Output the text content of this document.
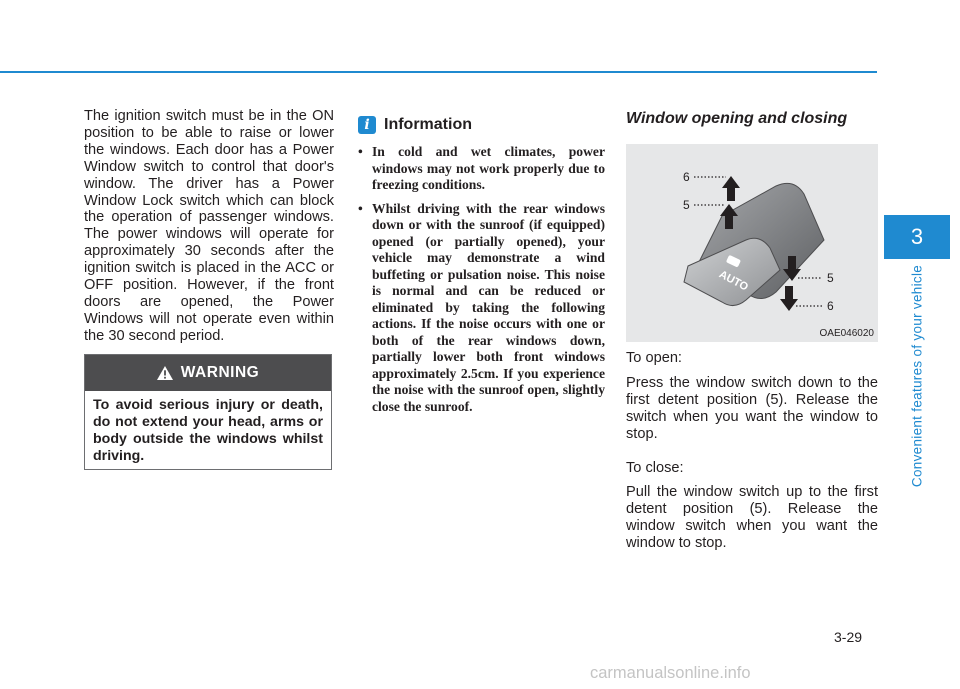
The ignition switch must be in the ON position to be able to raise or lower the windows. Each door has a Power Window switch to control that door's window. The driver has a Power Window Lock switch which can block the operation of passenger windows. The power windows will operate for approximately 30 seconds after the ignition switch is placed in the ACC or OFF position. However, if the front doors are opened, the Power Windows will not operate even within the 30 second period.

WARNING
To avoid serious injury or death, do not extend your head, arms or body outside the windows whilst driving.
i Information
• In cold and wet climates, power windows may not work properly due to freezing conditions.
• Whilst driving with the rear windows down or with the sunroof (if equipped) opened (or partially opened), your vehicle may demonstrate a wind buffeting or pulsation noise. This noise is normal and can be reduced or eliminated by taking the following actions. If the noise occurs with one or both of the rear windows down, partially lower both front windows approximately 2.5cm. If you experience the noise with the sunroof open, slightly close the sunroof.
Window opening and closing
AUTO
6
5
5
6
OAE046020

To open:

Press the window switch down to the first detent position (5). Release the switch when you want the window to stop.

To close:

Pull the window switch up to the first detent position (5). Release the window switch when you want the window to stop.

3
Convenient features of your vehicle
3-29
carmanualsonline.info
